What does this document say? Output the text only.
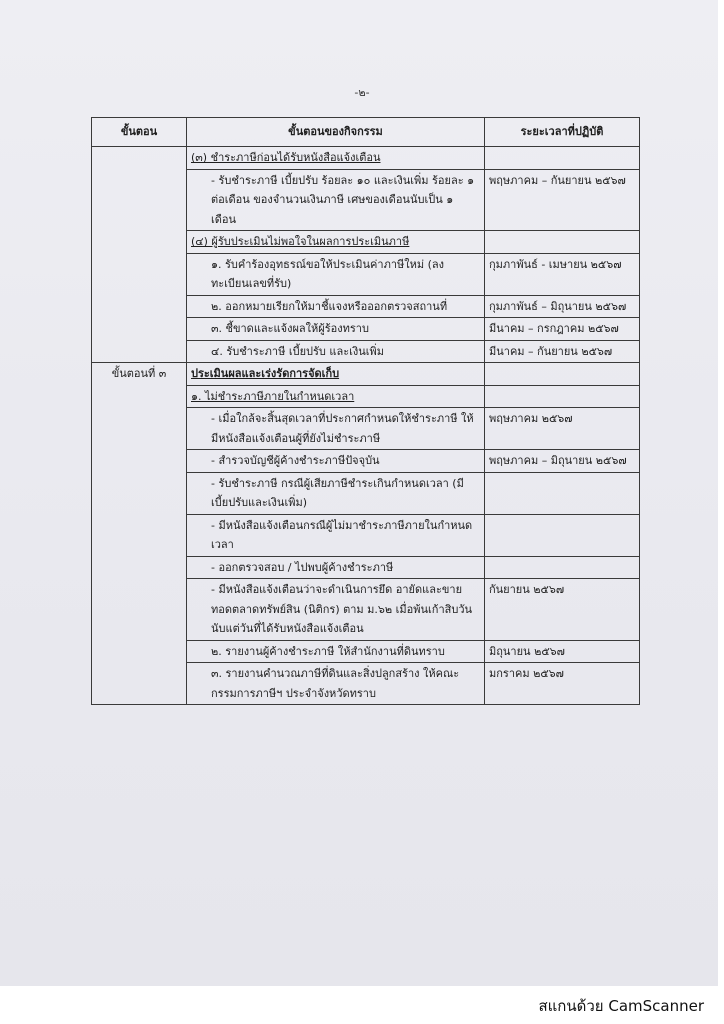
-๒-
ขั้นตอน	ขั้นตอนของกิจกรรม	ระยะเวลาที่ปฏิบัติ
	(๓) ชำระภาษีก่อนได้รับหนังสือแจ้งเตือน	
	- รับชำระภาษี เบี้ยปรับ ร้อยละ ๑๐ และเงินเพิ่ม ร้อยละ ๑ ต่อเดือน ของจำนวนเงินภาษี เศษของเดือนนับเป็น ๑ เดือน	พฤษภาคม – กันยายน ๒๕๖๗
	(๔) ผู้รับประเมินไม่พอใจในผลการประเมินภาษี	
	๑. รับคำร้องอุทธรณ์ขอให้ประเมินค่าภาษีใหม่ (ลงทะเบียนเลขที่รับ)	กุมภาพันธ์ - เมษายน ๒๕๖๗
	๒. ออกหมายเรียกให้มาชี้แจงหรือออกตรวจสถานที่	กุมภาพันธ์ – มิถุนายน ๒๕๖๗
	๓. ชี้ขาดและแจ้งผลให้ผู้ร้องทราบ	มีนาคม – กรกฎาคม ๒๕๖๗
	๔. รับชำระภาษี เบี้ยปรับ และเงินเพิ่ม	มีนาคม – กันยายน ๒๕๖๗
ขั้นตอนที่ ๓	ประเมินผลและเร่งรัดการจัดเก็บ	
	๑. ไม่ชำระภาษีภายในกำหนดเวลา	
	- เมื่อใกล้จะสิ้นสุดเวลาที่ประกาศกำหนดให้ชำระภาษี ให้มีหนังสือแจ้งเตือนผู้ที่ยังไม่ชำระภาษี	พฤษภาคม ๒๕๖๗
	- สำรวจบัญชีผู้ค้างชำระภาษีปัจจุบัน	พฤษภาคม – มิถุนายน ๒๕๖๗
	- รับชำระภาษี กรณีผู้เสียภาษีชำระเกินกำหนดเวลา (มีเบี้ยปรับและเงินเพิ่ม)	
	- มีหนังสือแจ้งเตือนกรณีผู้ไม่มาชำระภาษีภายในกำหนดเวลา	
	- ออกตรวจสอบ / ไปพบผู้ค้างชำระภาษี	
	- มีหนังสือแจ้งเตือนว่าจะดำเนินการยึด อายัดและขายทอดตลาดทรัพย์สิน (นิติกร) ตาม ม.๖๒ เมื่อพ้นเก้าสิบวันนับแต่วันที่ได้รับหนังสือแจ้งเตือน	กันยายน ๒๕๖๗
	๒. รายงานผู้ค้างชำระภาษี ให้สำนักงานที่ดินทราบ	มิถุนายน ๒๕๖๗
	๓. รายงานคำนวณภาษีที่ดินและสิ่งปลูกสร้าง ให้คณะกรรมการภาษีฯ ประจำจังหวัดทราบ	มกราคม ๒๕๖๗
สแกนด้วย CamScanner
